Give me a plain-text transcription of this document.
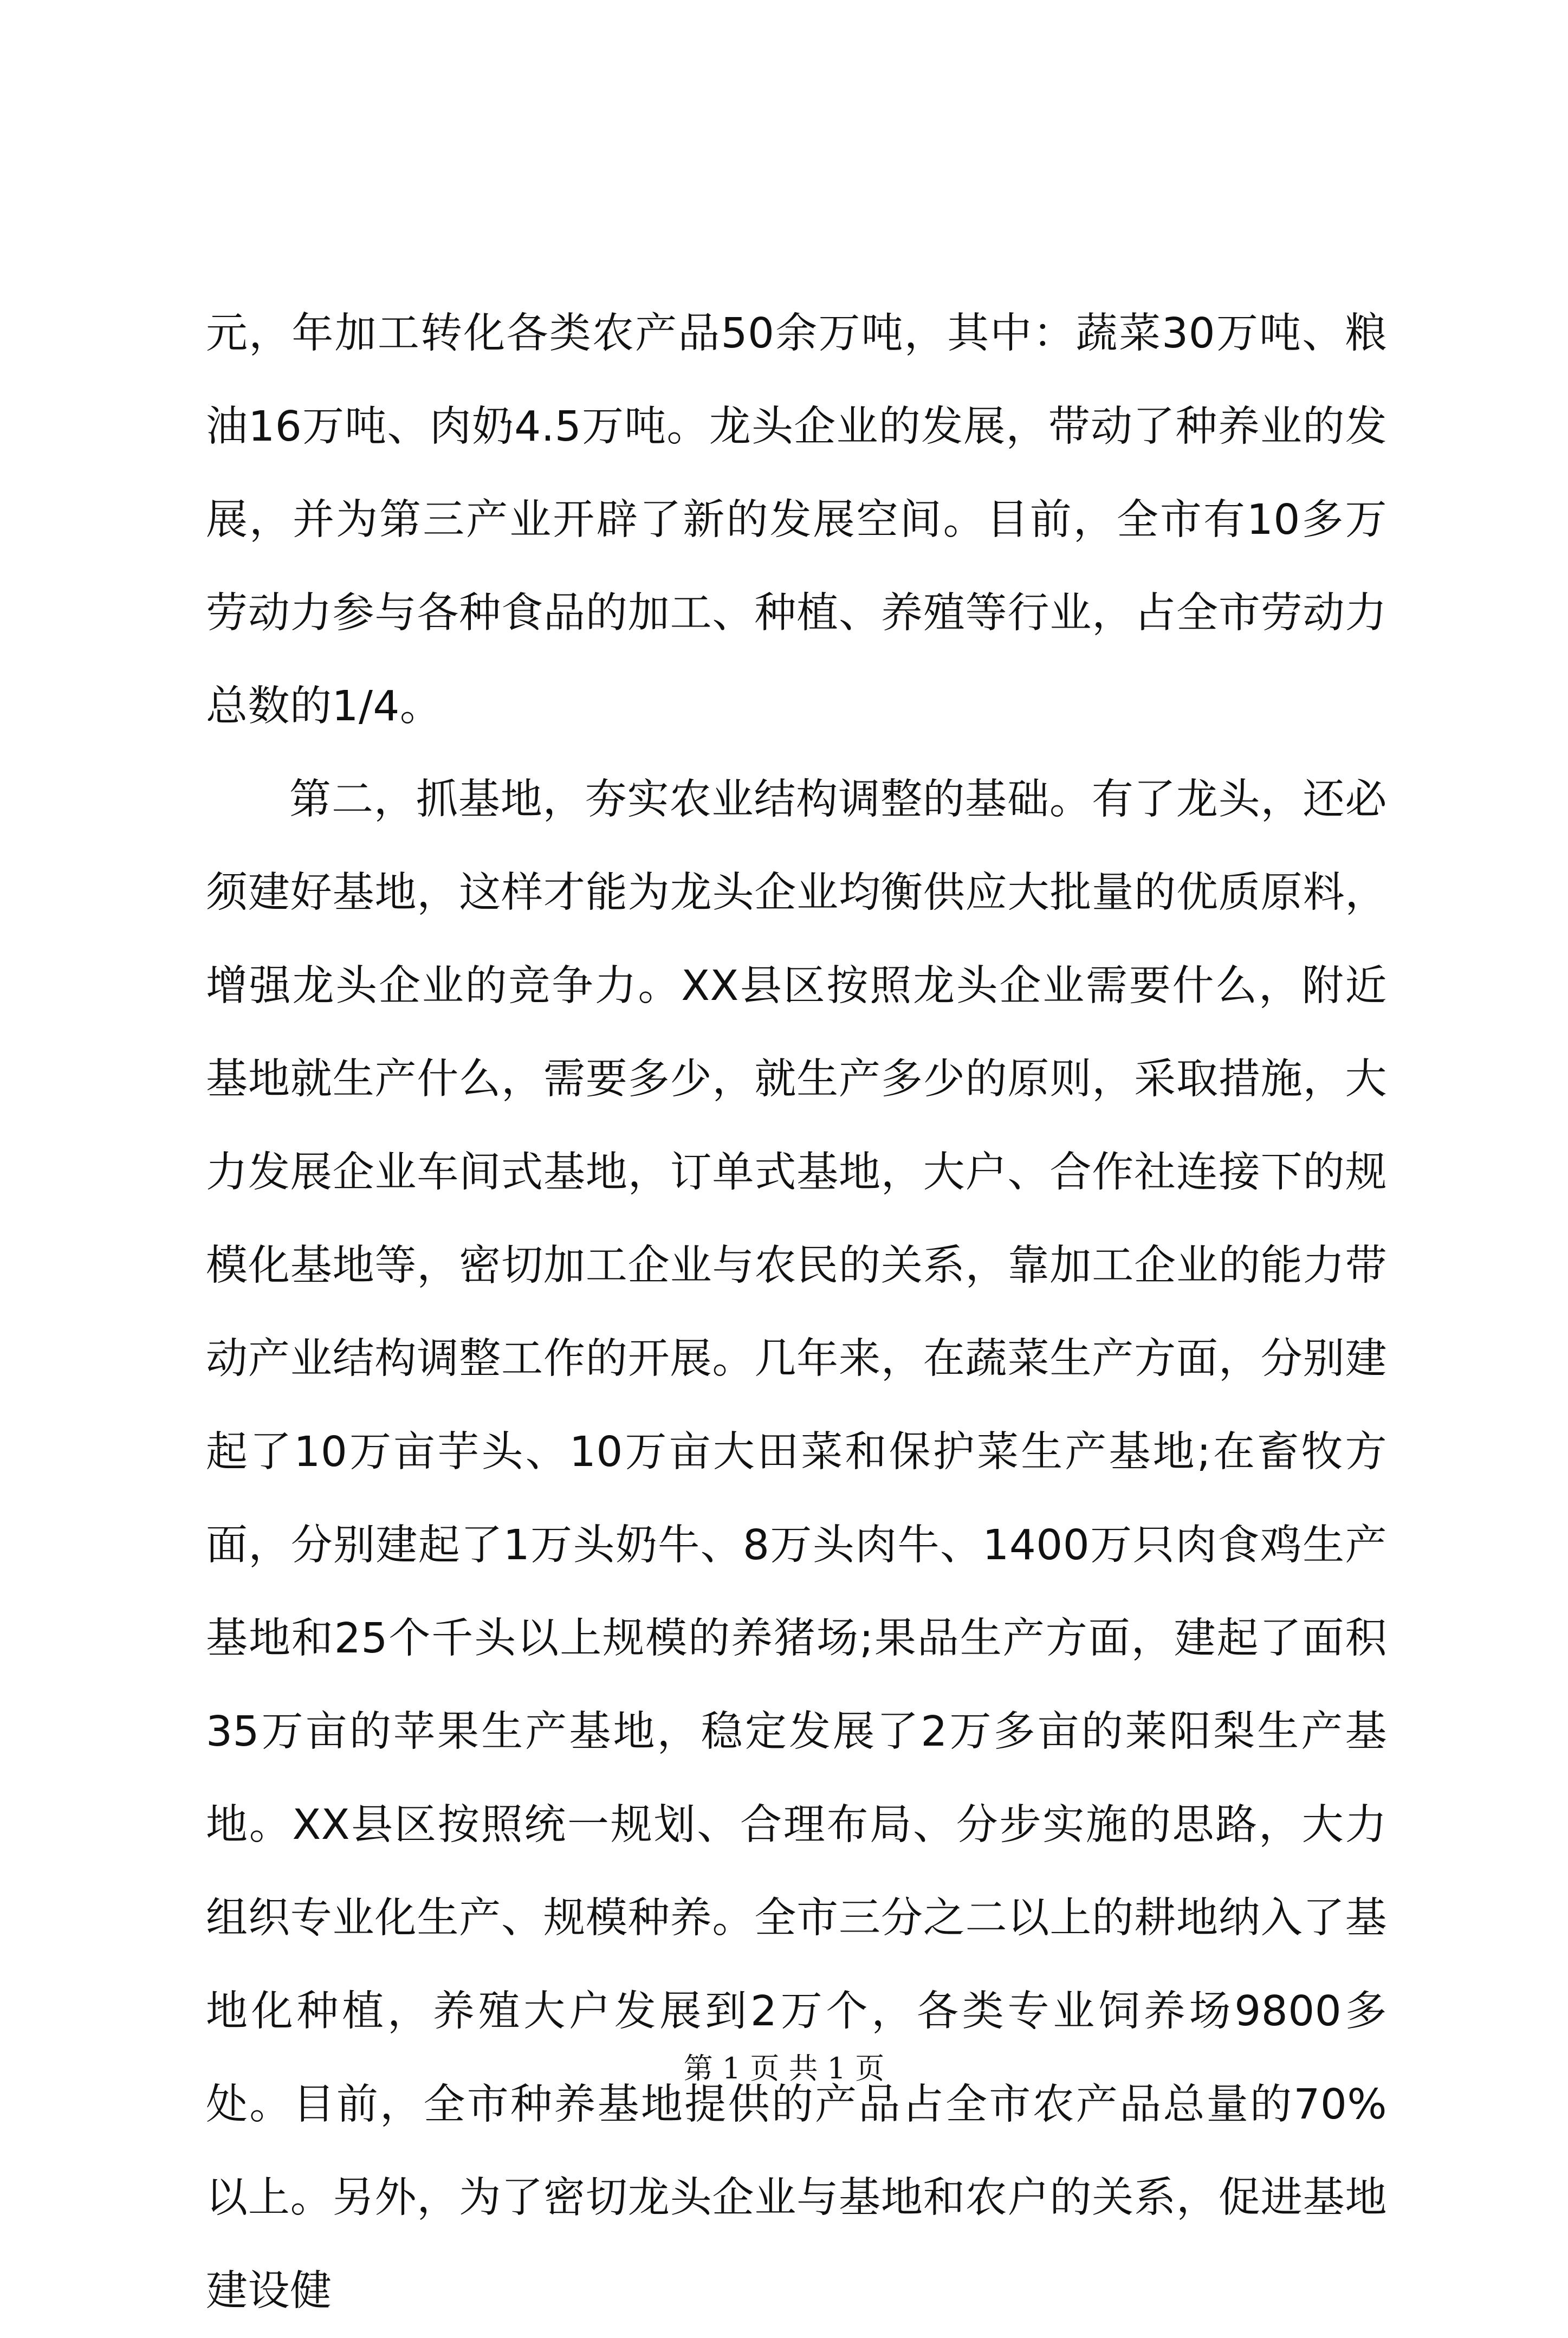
元，年加工转化各类农产品50余万吨，其中：蔬菜30万吨、粮油16万吨、肉奶4.5万吨。龙头企业的发展，带动了种养业的发展，并为第三产业开辟了新的发展空间。目前，全市有10多万劳动力参与各种食品的加工、种植、养殖等行业，占全市劳动力总数的1/4。

第二，抓基地，夯实农业结构调整的基础。有了龙头，还必须建好基地，这样才能为龙头企业均衡供应大批量的优质原料，增强龙头企业的竞争力。XX县区按照龙头企业需要什么，附近基地就生产什么，需要多少，就生产多少的原则，采取措施，大力发展企业车间式基地，订单式基地，大户、合作社连接下的规模化基地等，密切加工企业与农民的关系，靠加工企业的能力带动产业结构调整工作的开展。几年来，在蔬菜生产方面，分别建起了10万亩芋头、10万亩大田菜和保护菜生产基地;在畜牧方面，分别建起了1万头奶牛、8万头肉牛、1400万只肉食鸡生产基地和25个千头以上规模的养猪场;果品生产方面，建起了面积35万亩的苹果生产基地，稳定发展了2万多亩的莱阳梨生产基地。XX县区按照统一规划、合理布局、分步实施的思路，大力组织专业化生产、规模种养。全市三分之二以上的耕地纳入了基地化种植，养殖大户发展到2万个，各类专业饲养场9800多处。目前，全市种养基地提供的产品占全市农产品总量的70%以上。另外，为了密切龙头企业与基地和农户的关系，促进基地建设健

第 1 页 共 1 页
